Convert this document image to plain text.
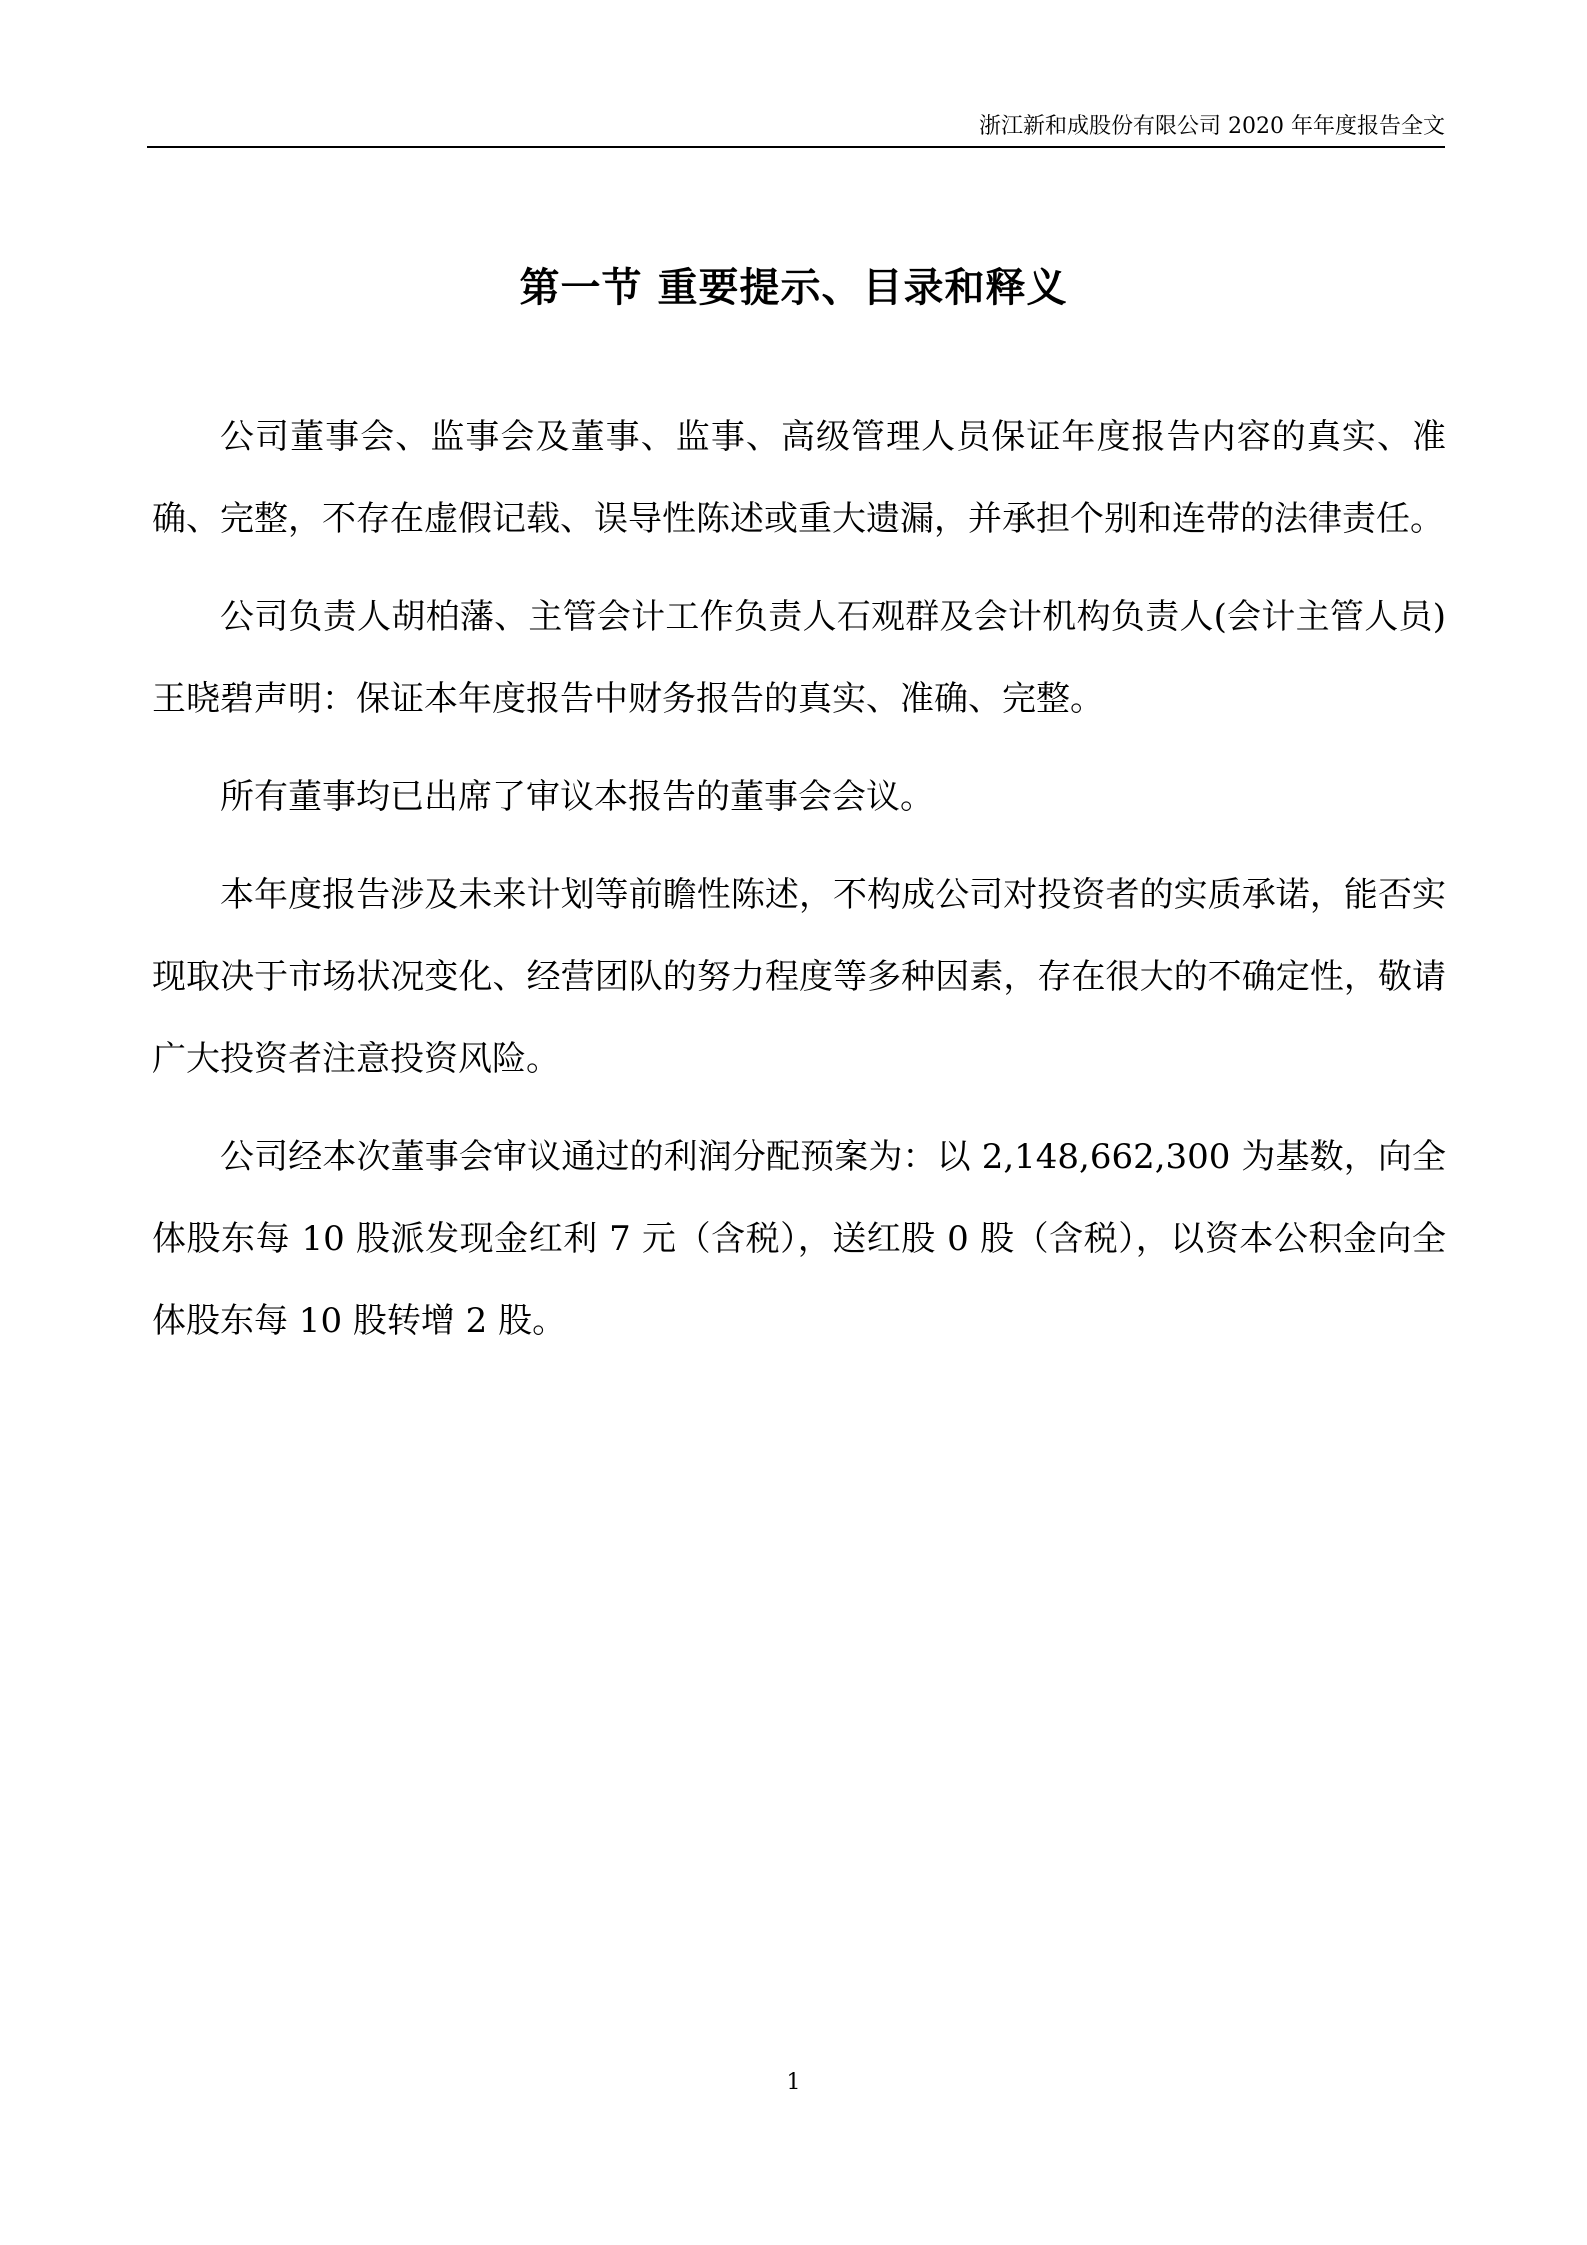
浙江新和成股份有限公司 2020 年年度报告全文
第一节 重要提示、目录和释义

公司董事会、监事会及董事、监事、高级管理人员保证年度报告内容的真实、准确、完整，不存在虚假记载、误导性陈述或重大遗漏，并承担个别和连带的法律责任。

公司负责人胡柏藩、主管会计工作负责人石观群及会计机构负责人(会计主管人员)王晓碧声明：保证本年度报告中财务报告的真实、准确、完整。

所有董事均已出席了审议本报告的董事会会议。

本年度报告涉及未来计划等前瞻性陈述，不构成公司对投资者的实质承诺，能否实现取决于市场状况变化、经营团队的努力程度等多种因素，存在很大的不确定性，敬请广大投资者注意投资风险。

公司经本次董事会审议通过的利润分配预案为：以 2,148,662,300 为基数，向全体股东每 10 股派发现金红利 7 元（含税），送红股 0 股（含税），以资本公积金向全体股东每 10 股转增 2 股。

1
